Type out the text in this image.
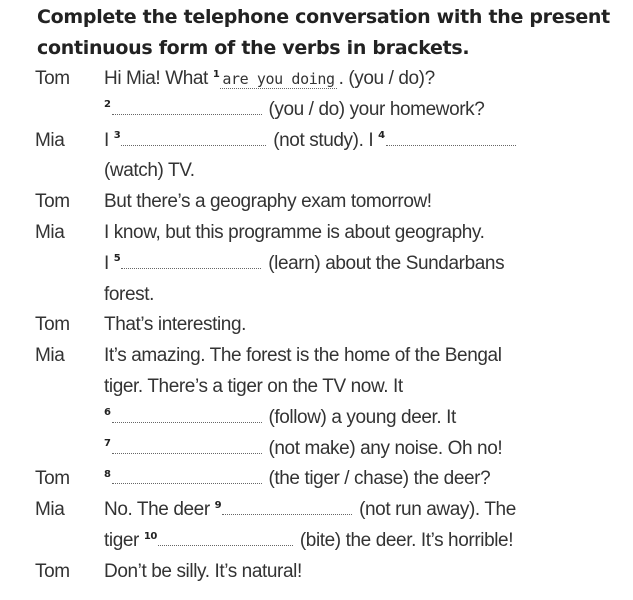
Complete the telephone conversation with the present continuous form of the verbs in brackets.
Tom Hi Mia! What $^1$ are you doing . (you / do)?
$^2$	(you / do) your homework?
Mia I $^3$	(not study). I $^4$
(watch) TV.
Tom But there’s a geography exam tomorrow!
Mia I know, but this programme is about geography.
I $^5$	(learn) about the Sundarbans
forest.
Tom That’s interesting.
Mia It’s amazing. The forest is the home of the Bengal
tiger. There’s a tiger on the TV now. It
$^6$	(follow) a young deer. It
$^7$	(not make) any noise. Oh no!
Tom	$^8$	(the tiger / chase) the deer?
Mia No. The deer $^9$	(not run away). The
tiger $^{10}$	(bite) the deer. It’s horrible!
Tom Don’t be silly. It’s natural!
